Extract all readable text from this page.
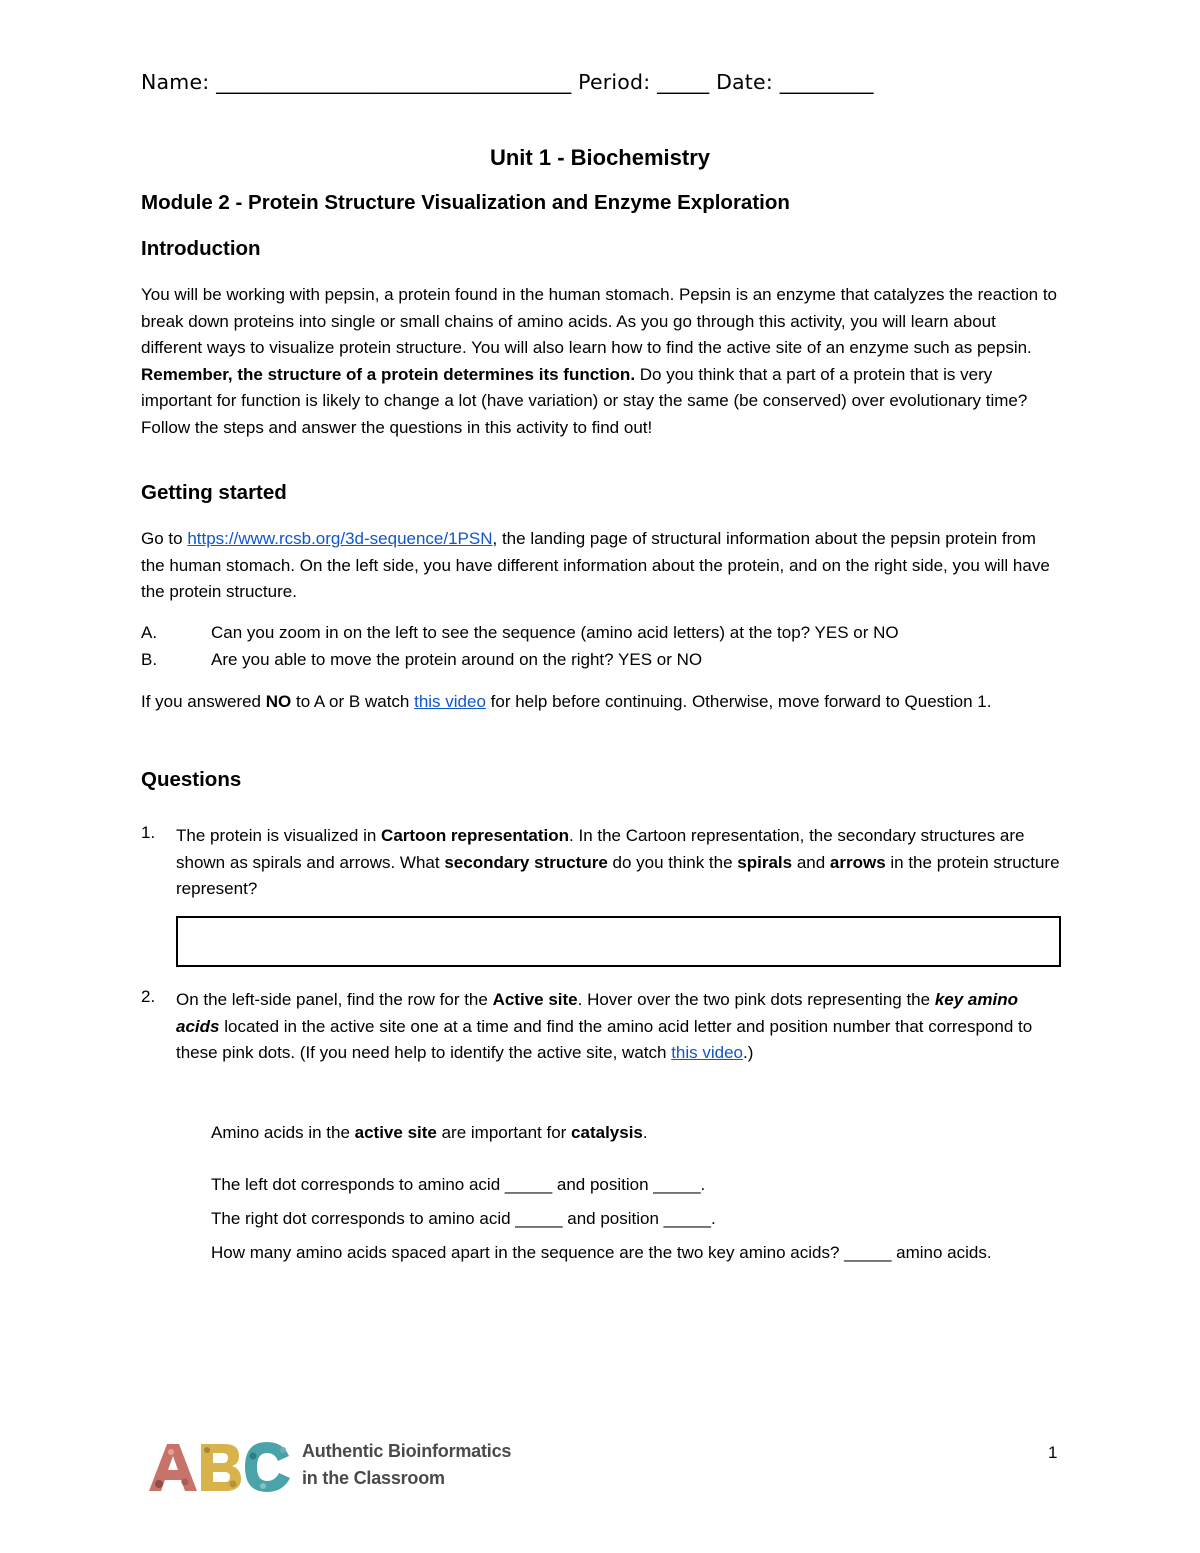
Name: __________________________________ Period: _____ Date: _________
Unit 1 - Biochemistry
Module 2 - Protein Structure Visualization and Enzyme Exploration
Introduction
You will be working with pepsin, a protein found in the human stomach. Pepsin is an enzyme that catalyzes the reaction to break down proteins into single or small chains of amino acids. As you go through this activity, you will learn about different ways to visualize protein structure. You will also learn how to find the active site of an enzyme such as pepsin. Remember, the structure of a protein determines its function. Do you think that a part of a protein that is very important for function is likely to change a lot (have variation) or stay the same (be conserved) over evolutionary time? Follow the steps and answer the questions in this activity to find out!
Getting started
Go to https://www.rcsb.org/3d-sequence/1PSN, the landing page of structural information about the pepsin protein from the human stomach. On the left side, you have different information about the protein, and on the right side, you will have the protein structure.
A.	Can you zoom in on the left to see the sequence (amino acid letters) at the top? YES or NO
B.	Are you able to move the protein around on the right? YES or NO
If you answered NO to A or B watch this video for help before continuing. Otherwise, move forward to Question 1.
Questions
1. The protein is visualized in Cartoon representation. In the Cartoon representation, the secondary structures are shown as spirals and arrows. What secondary structure do you think the spirals and arrows in the protein structure represent?
2. On the left-side panel, find the row for the Active site. Hover over the two pink dots representing the key amino acids located in the active site one at a time and find the amino acid letter and position number that correspond to these pink dots. (If you need help to identify the active site, watch this video.)
Amino acids in the active site are important for catalysis.
The left dot corresponds to amino acid _____ and position _____.
The right dot corresponds to amino acid _____ and position _____.
How many amino acids spaced apart in the sequence are the two key amino acids? _____ amino acids.
Authentic Bioinformatics
in the Classroom
1
